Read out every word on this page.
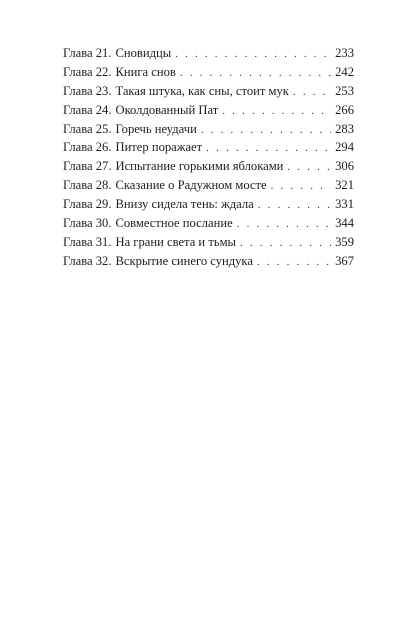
Глава 21. Сновидцы . . .	233
Глава 22. Книга снов . . .	242
Глава 23. Такая штука, как сны, стоит мук . . .	253
Глава 24. Околдованный Пат . . .	266
Глава 25. Горечь неудачи . . .	283
Глава 26. Питер поражает . . .	294
Глава 27. Испытание горькими яблоками . . .	306
Глава 28. Сказание о Радужном мосте . . .	321
Глава 29. Внизу сидела тень: ждала . . .	331
Глава 30. Совместное послание . . .	344
Глава 31. На грани света и тьмы . . .	359
Глава 32. Вскрытие синего сундука . . .	367
